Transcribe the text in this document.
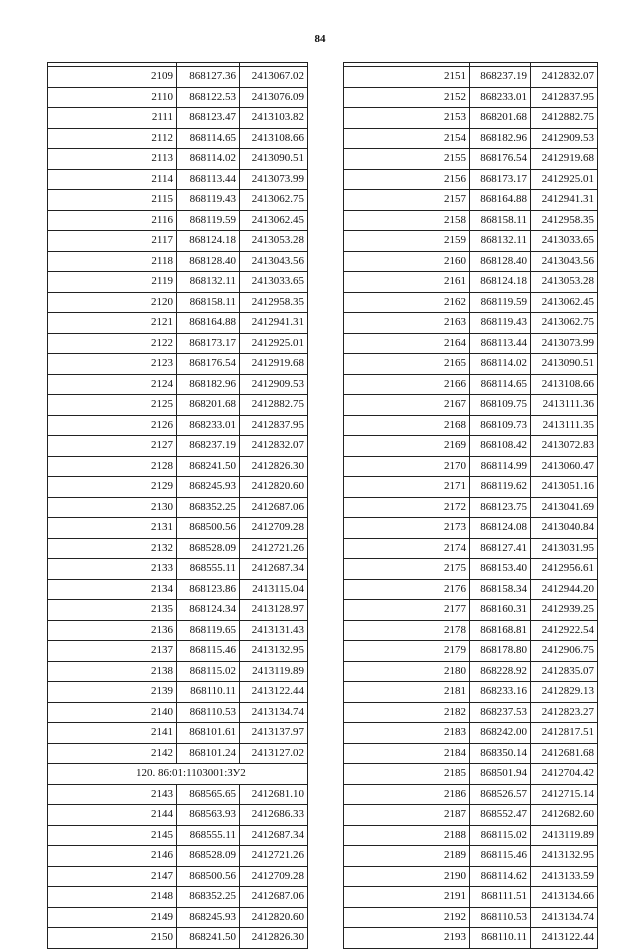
84

2109	868127.36	2413067.02
2110	868122.53	2413076.09
2111	868123.47	2413103.82
2112	868114.65	2413108.66
2113	868114.02	2413090.51
2114	868113.44	2413073.99
2115	868119.43	2413062.75
2116	868119.59	2413062.45
2117	868124.18	2413053.28
2118	868128.40	2413043.56
2119	868132.11	2413033.65
2120	868158.11	2412958.35
2121	868164.88	2412941.31
2122	868173.17	2412925.01
2123	868176.54	2412919.68
2124	868182.96	2412909.53
2125	868201.68	2412882.75
2126	868233.01	2412837.95
2127	868237.19	2412832.07
2128	868241.50	2412826.30
2129	868245.93	2412820.60
2130	868352.25	2412687.06
2131	868500.56	2412709.28
2132	868528.09	2412721.26
2133	868555.11	2412687.34
2134	868123.86	2413115.04
2135	868124.34	2413128.97
2136	868119.65	2413131.43
2137	868115.46	2413132.95
2138	868115.02	2413119.89
2139	868110.11	2413122.44
2140	868110.53	2413134.74
2141	868101.61	2413137.97
2142	868101.24	2413127.02
120. 86:01:1103001:ЗУ2		
2143	868565.65	2412681.10
2144	868563.93	2412686.33
2145	868555.11	2412687.34
2146	868528.09	2412721.26
2147	868500.56	2412709.28
2148	868352.25	2412687.06
2149	868245.93	2412820.60
2150	868241.50	2412826.30

2151	868237.19	2412832.07
2152	868233.01	2412837.95
2153	868201.68	2412882.75
2154	868182.96	2412909.53
2155	868176.54	2412919.68
2156	868173.17	2412925.01
2157	868164.88	2412941.31
2158	868158.11	2412958.35
2159	868132.11	2413033.65
2160	868128.40	2413043.56
2161	868124.18	2413053.28
2162	868119.59	2413062.45
2163	868119.43	2413062.75
2164	868113.44	2413073.99
2165	868114.02	2413090.51
2166	868114.65	2413108.66
2167	868109.75	2413111.36
2168	868109.73	2413111.35
2169	868108.42	2413072.83
2170	868114.99	2413060.47
2171	868119.62	2413051.16
2172	868123.75	2413041.69
2173	868124.08	2413040.84
2174	868127.41	2413031.95
2175	868153.40	2412956.61
2176	868158.34	2412944.20
2177	868160.31	2412939.25
2178	868168.81	2412922.54
2179	868178.80	2412906.75
2180	868228.92	2412835.07
2181	868233.16	2412829.13
2182	868237.53	2412823.27
2183	868242.00	2412817.51
2184	868350.14	2412681.68
2185	868501.94	2412704.42
2186	868526.57	2412715.14
2187	868552.47	2412682.60
2188	868115.02	2413119.89
2189	868115.46	2413132.95
2190	868114.62	2413133.59
2191	868111.51	2413134.66
2192	868110.53	2413134.74
2193	868110.11	2413122.44
